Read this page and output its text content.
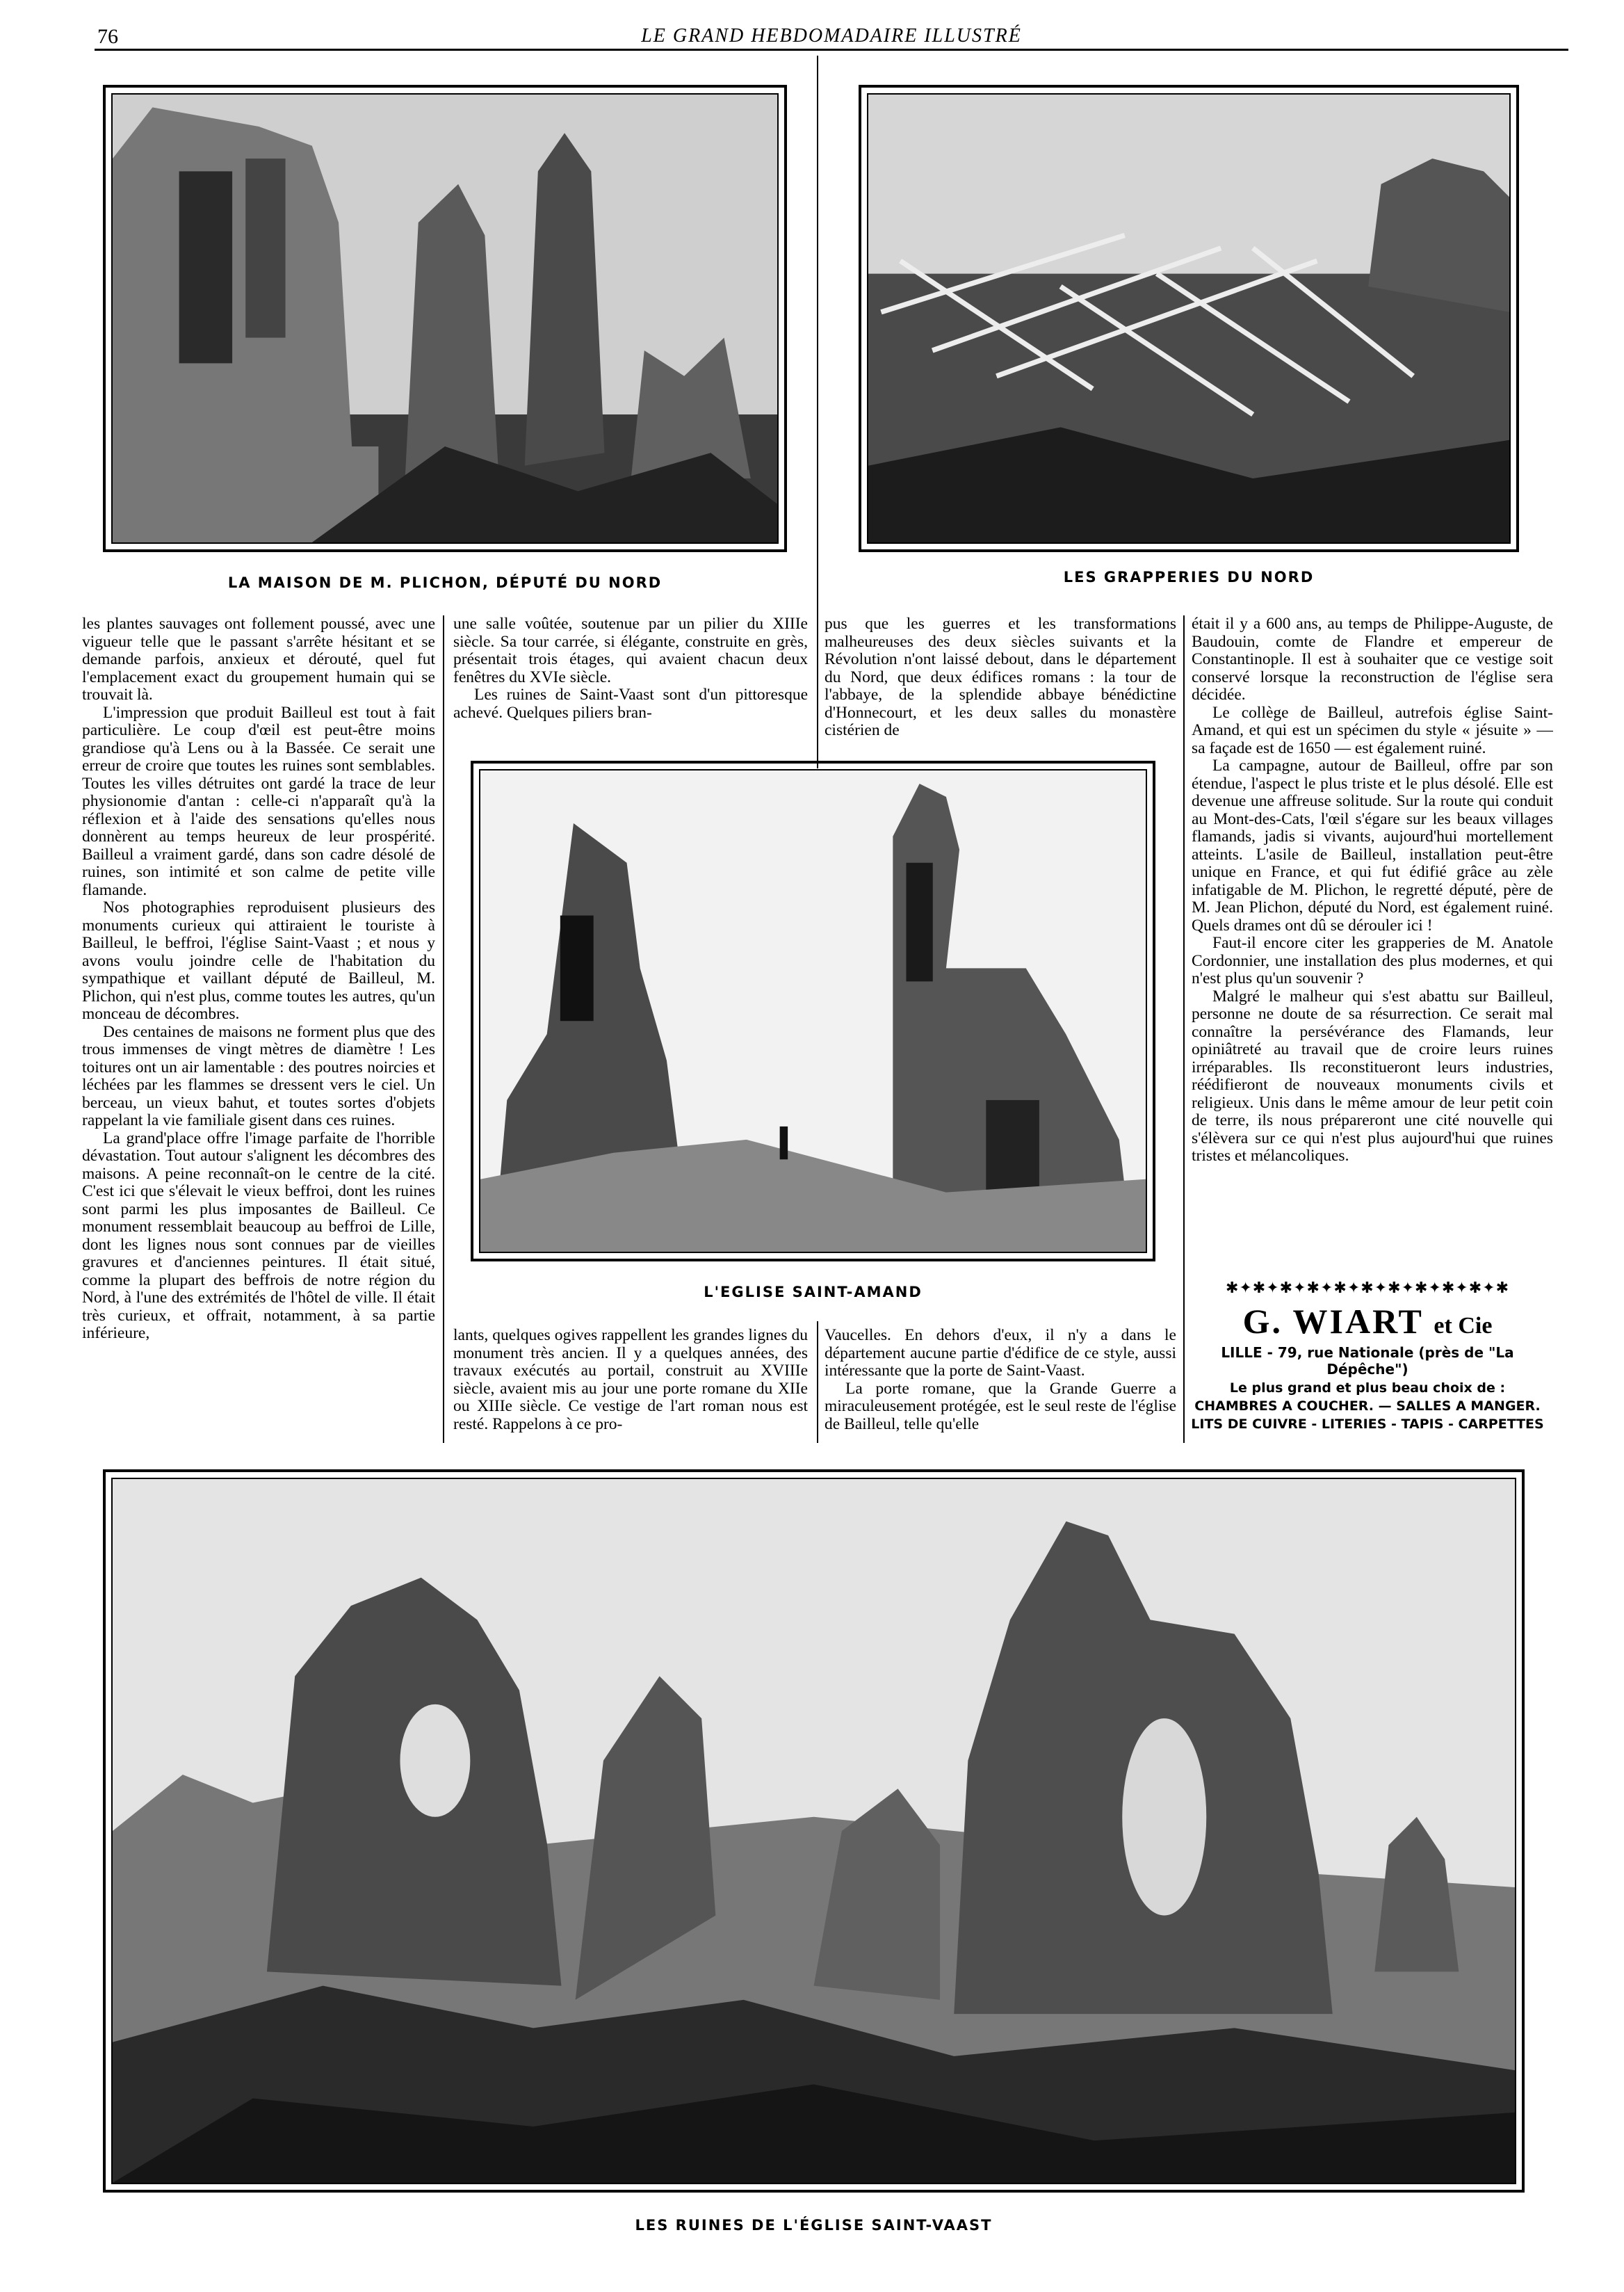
76	LE GRAND HEBDOMADAIRE ILLUSTRÉ
LA MAISON DE M. PLICHON, DÉPUTÉ DU NORD	LES GRAPPERIES DU NORD

les plantes sauvages ont follement poussé, avec une vigueur telle que le passant s'arrête hésitant et se demande parfois, anxieux et dérouté, quel fut l'emplacement exact du groupement humain qui se trouvait là.

L'impression que produit Bailleul est tout à fait particulière. Le coup d'œil est peut-être moins grandiose qu'à Lens ou à la Bassée. Ce serait une erreur de croire que toutes les ruines sont semblables. Toutes les villes détruites ont gardé la trace de leur physionomie d'antan : celle-ci n'apparaît qu'à la réflexion et à l'aide des sensations qu'elles nous donnèrent au temps heureux de leur prospérité. Bailleul a vraiment gardé, dans son cadre désolé de ruines, son intimité et son calme de petite ville flamande.

Nos photographies reproduisent plusieurs des monuments curieux qui attiraient le touriste à Bailleul, le beffroi, l'église Saint-Vaast ; et nous y avons voulu joindre celle de l'habitation du sympathique et vaillant député de Bailleul, M. Plichon, qui n'est plus, comme toutes les autres, qu'un monceau de décombres.

Des centaines de maisons ne forment plus que des trous immenses de vingt mètres de diamètre ! Les toitures ont un air lamentable : des poutres noircies et léchées par les flammes se dressent vers le ciel. Un berceau, un vieux bahut, et toutes sortes d'objets rappelant la vie familiale gisent dans ces ruines.

La grand'place offre l'image parfaite de l'horrible dévastation. Tout autour s'alignent les décombres des maisons. A peine reconnaît-on le centre de la cité. C'est ici que s'élevait le vieux beffroi, dont les ruines sont parmi les plus imposantes de Bailleul. Ce monument ressemblait beaucoup au beffroi de Lille, dont les lignes nous sont connues par de vieilles gravures et d'anciennes peintures. Il était situé, comme la plupart des beffrois de notre région du Nord, à l'une des extrémités de l'hôtel de ville. Il était très curieux, et offrait, notamment, à sa partie inférieure,

une salle voûtée, soutenue par un pilier du XIIIe siècle. Sa tour carrée, si élégante, construite en grès, présentait trois étages, qui avaient chacun deux fenêtres du XVIe siècle.

Les ruines de Saint-Vaast sont d'un pittoresque achevé. Quelques piliers bran-

pus que les guerres et les transformations malheureuses des deux siècles suivants et la Révolution n'ont laissé debout, dans le département du Nord, que deux édifices romans : la tour de l'abbaye, de la splendide abbaye bénédictine d'Honnecourt, et les deux salles du monastère cistérien de

L'EGLISE SAINT-AMAND

lants, quelques ogives rappellent les grandes lignes du monument très ancien. Il y a quelques années, des travaux exécutés au portail, construit au XVIIIe siècle, avaient mis au jour une porte romane du XIIe ou XIIIe siècle. Ce vestige de l'art roman nous est resté. Rappelons à ce pro-

Vaucelles. En dehors d'eux, il n'y a dans le département aucune partie d'édifice de ce style, aussi intéressante que la porte de Saint-Vaast.

La porte romane, que la Grande Guerre a miraculeusement protégée, est le seul reste de l'église de Bailleul, telle qu'elle

était il y a 600 ans, au temps de Philippe-Auguste, de Baudouin, comte de Flandre et empereur de Constantinople. Il est à souhaiter que ce vestige soit conservé lorsque la reconstruction de l'église sera décidée.

Le collège de Bailleul, autrefois église Saint-Amand, et qui est un spécimen du style « jésuite » — sa façade est de 1650 — est également ruiné.

La campagne, autour de Bailleul, offre par son étendue, l'aspect le plus triste et le plus désolé. Elle est devenue une affreuse solitude. Sur la route qui conduit au Mont-des-Cats, l'œil s'égare sur les beaux villages flamands, jadis si vivants, aujourd'hui mortellement atteints. L'asile de Bailleul, installation peut-être unique en France, et qui fut édifié grâce au zèle infatigable de M. Plichon, le regretté député, père de M. Jean Plichon, député du Nord, est également ruiné. Quels drames ont dû se dérouler ici !

Faut-il encore citer les grapperies de M. Anatole Cordonnier, une installation des plus modernes, et qui n'est plus qu'un souvenir ?

Malgré le malheur qui s'est abattu sur Bailleul, personne ne doute de sa résurrection. Ce serait mal connaître la persévérance des Flamands, leur opiniâtreté au travail que de croire leurs ruines irréparables. Ils reconstitueront leurs industries, réédifieront de nouveaux monuments civils et religieux. Unis dans le même amour de leur petit coin de terre, ils nous prépareront une cité nouvelle qui s'élèvera sur ce qui n'est plus aujourd'hui que ruines tristes et mélancoliques.

✱✦✱✦✱✦✱✦✱✦✱✦✱✦✱✦✱✦✱✦✱
G. WIART et Cie
LILLE - 79, rue Nationale (près de "La Dépêche")
Le plus grand et plus beau choix de :
CHAMBRES A COUCHER. — SALLES A MANGER.
LITS DE CUIVRE - LITERIES - TAPIS - CARPETTES
LES RUINES DE L'ÉGLISE SAINT-VAAST
